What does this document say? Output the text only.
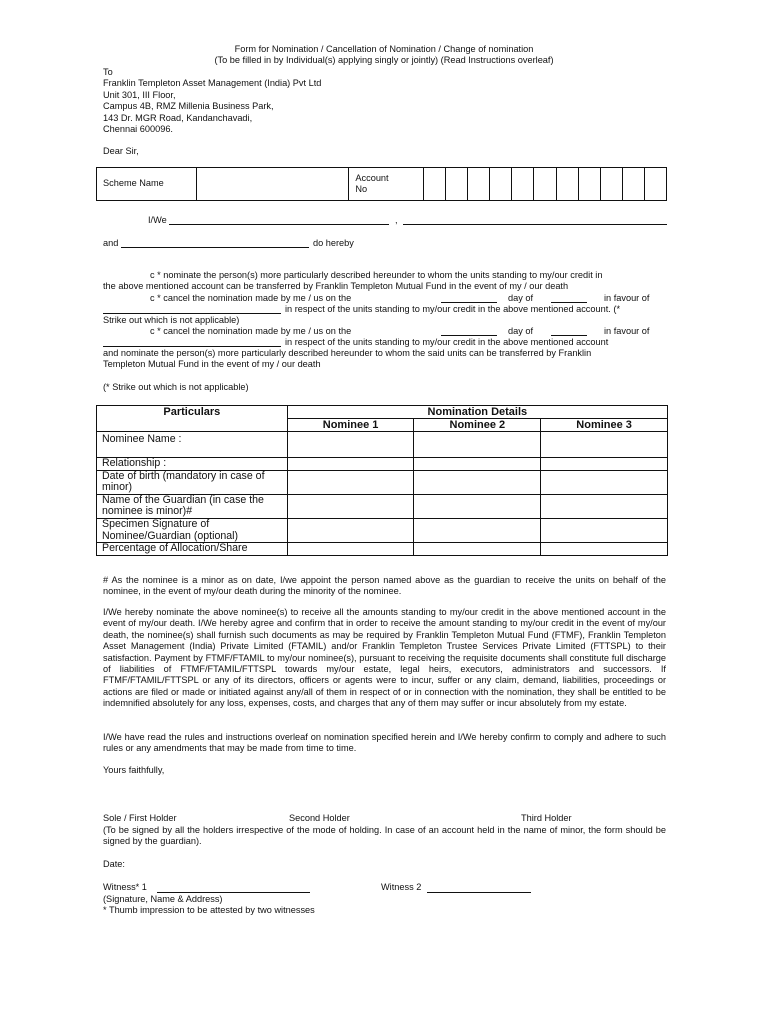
Form for Nomination / Cancellation of Nomination / Change of nomination
(To be filled in by Individual(s) applying singly or jointly) (Read Instructions overleaf)
To
Franklin Templeton Asset Management (India) Pvt Ltd
Unit 301, III Floor,
Campus 4B, RMZ Millenia Business Park,
143 Dr. MGR Road, Kandanchavadi,
Chennai 600096.
Dear Sir,
Scheme Name		
Account
No

I/We	,
and	do hereby
c * nominate the person(s) more particularly described hereunder to whom the units standing to my/our credit in
the above mentioned account can be transferred by Franklin Templeton Mutual Fund in the event of my / our death
c * cancel the nomination made by me / us on the	day of	in favour of
in respect of the units standing to my/our credit in the above mentioned account. (*
Strike out which is not applicable)
c * cancel the nomination made by me / us on the	day of	in favour of
in respect of the units standing to my/our credit in the above mentioned account
and nominate the person(s) more particularly described hereunder to whom the said units can be transferred by Franklin
Templeton Mutual Fund in the event of my / our death
(* Strike out which is not applicable)
Particulars	Nomination Details		
	Nominee 1	Nominee 2	Nominee 3
Nominee Name :			
Relationship :			
Date of birth (mandatory in case of minor)			
Name of the Guardian (in case the nominee is minor)#			
Specimen Signature of Nominee/Guardian (optional)			
Percentage of Allocation/Share			
# As the nominee is a minor as on date, I/we appoint the person named above as the guardian to receive the units on behalf of the nominee, in the event of my/our death during the minority of the nominee.
I/We hereby nominate the above nominee(s) to receive all the amounts standing to my/our credit in the above mentioned account in the event of my/our death. I/We hereby agree and confirm that in order to receive the amount standing to my/our credit in the event of my/our death, the nominee(s) shall furnish such documents as may be required by Franklin Templeton Mutual Fund (FTMF), Franklin Templeton Asset Management (India) Private Limited (FTAMIL) and/or Franklin Templeton Trustee Services Private Limited (FTTSPL) to their satisfaction. Payment by FTMF/FTAMIL to my/our nominee(s), pursuant to receiving the requisite documents shall constitute full discharge of liabilities of FTMF/FTAMIL/FTTSPL towards my/our estate, legal heirs, executors, administrators and successors. If FTMF/FTAMIL/FTTSPL or any of its directors, officers or agents were to incur, suffer or any claim, demand, liabilities, proceedings or actions are filed or made or initiated against any/all of them in respect of or in connection with the nomination, they shall be entitled to be indemnified absolutely for any loss, expenses, costs, and charges that any of them may suffer or incur absolutely from my estate.
I/We have read the rules and instructions overleaf on nomination specified herein and I/We hereby confirm to comply and adhere to such rules or any amendments that may be made from time to time.
Yours faithfully,
Sole / First Holder	Second Holder	Third Holder
(To be signed by all the holders irrespective of the mode of holding. In case of an account held in the name of minor, the form should be signed by the guardian).
Date:
Witness* 1	Witness 2
(Signature, Name & Address)
* Thumb impression to be attested by two witnesses
